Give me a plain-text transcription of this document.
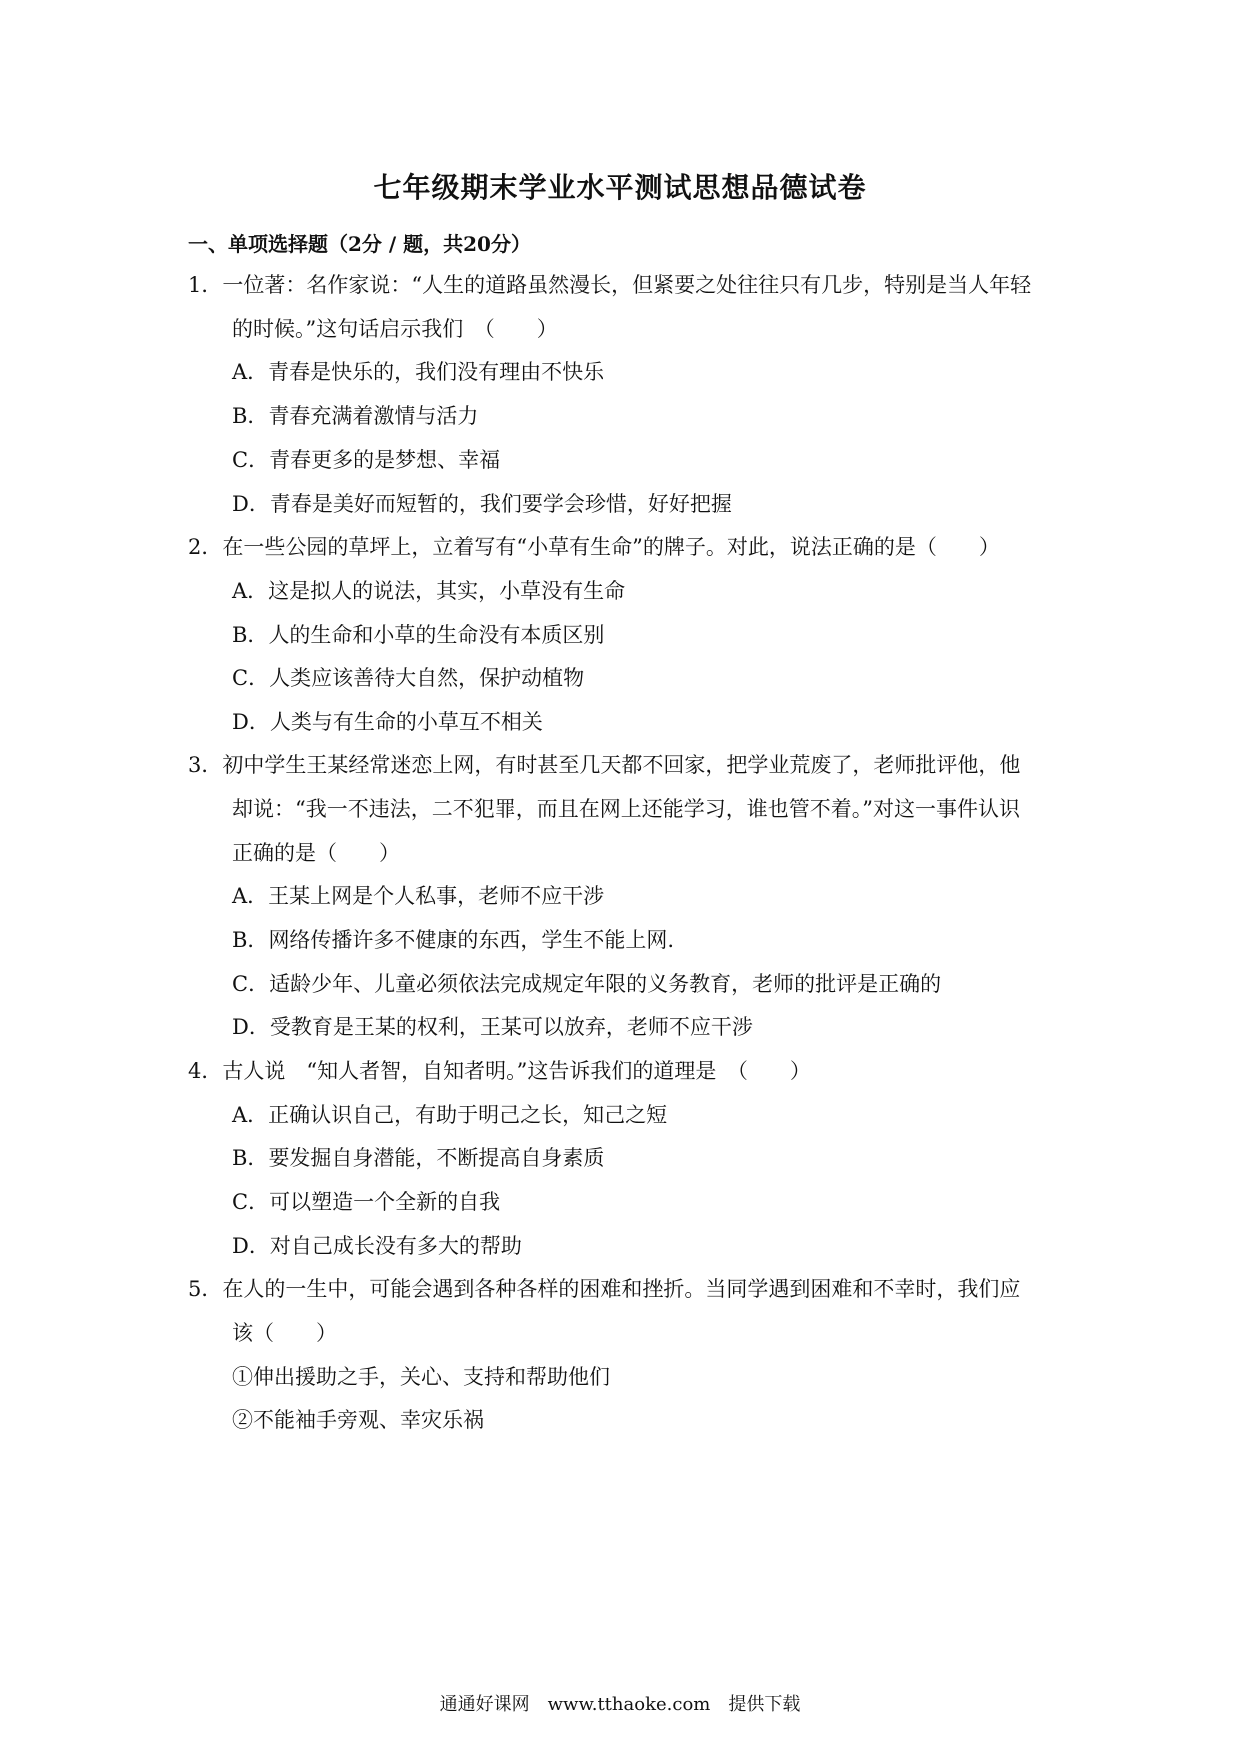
七年级期末学业水平测试思想品德试卷
一、单项选择题（2分 / 题，共20分）
1．一位著：名作家说：“人生的道路虽然漫长，但紧要之处往往只有几步，特别是当人年轻
的时候。”这句话启示我们　（　　）
A．青春是快乐的，我们没有理由不快乐
B．青春充满着激情与活力
C．青春更多的是梦想、幸福
D．青春是美好而短暂的，我们要学会珍惜，好好把握
2．在一些公园的草坪上，立着写有“小草有生命”的牌子。对此，说法正确的是（　　）
A．这是拟人的说法，其实，小草没有生命
B．人的生命和小草的生命没有本质区别
C．人类应该善待大自然，保护动植物
D．人类与有生命的小草互不相关
3．初中学生王某经常迷恋上网，有时甚至几天都不回家，把学业荒废了，老师批评他，他
却说：“我一不违法，二不犯罪，而且在网上还能学习，谁也管不着。”对这一事件认识
正确的是（　　）
A．王某上网是个人私事，老师不应干涉
B．网络传播许多不健康的东西，学生不能上网.
C．适龄少年、儿童必须依法完成规定年限的义务教育，老师的批评是正确的
D．受教育是王某的权利，王某可以放弃，老师不应干涉
4．古人说　“知人者智，自知者明。”这告诉我们的道理是　（　　）
A．正确认识自己，有助于明己之长，知己之短
B．要发掘自身潜能，不断提高自身素质
C．可以塑造一个全新的自我
D．对自己成长没有多大的帮助
5．在人的一生中，可能会遇到各种各样的困难和挫折。当同学遇到困难和不幸时，我们应
该（　　）
①伸出援助之手，关心、支持和帮助他们
②不能袖手旁观、幸灾乐祸
通通好课网　www.tthaoke.com　提供下载
